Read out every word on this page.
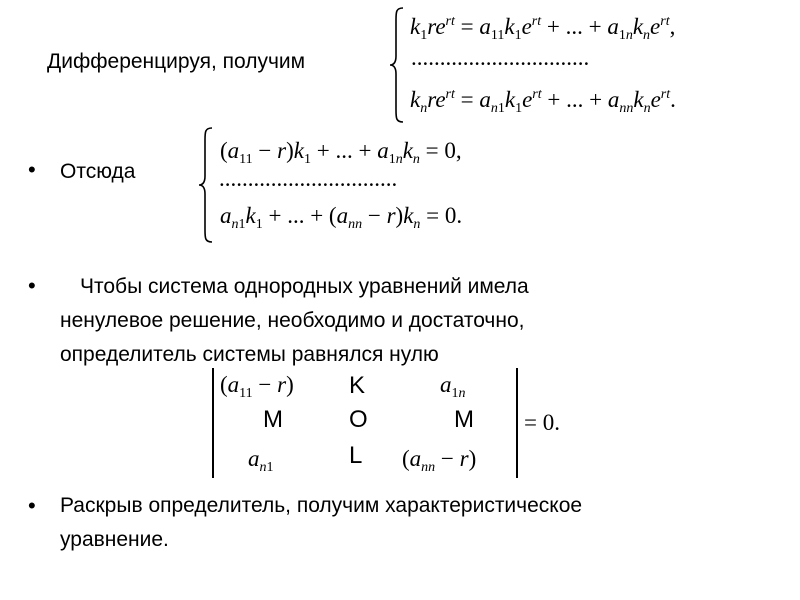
Дифференцируя, получим
$k_1re^{rt} = a_{11}k_1e^{rt}$ + ... + $a_{1n}k_ne^{rt}$,
...............................
$k_nre^{rt} = a_{n1}k_1e^{rt}$ + ... + $a_{nn}k_ne^{rt}$.
• Отсюда
$(a_{11} - r)k_1$ + ... + $a_{1n}k_n = 0$,
...............................
$a_{n1}k_1$ + ... + $(a_{nn} - r)k_n = 0$.
•	Чтобы система однородных уравнений имела
ненулевое решение, необходимо и достаточно,
определитель системы равнялся нулю
$(a_{11} - r)$ K	$a_{1n}$
M	O	M
$a_{n1}$	L $(a_{nn} - r)$
= 0.
• Раскрыв определитель, получим характеристическое
уравнение.
